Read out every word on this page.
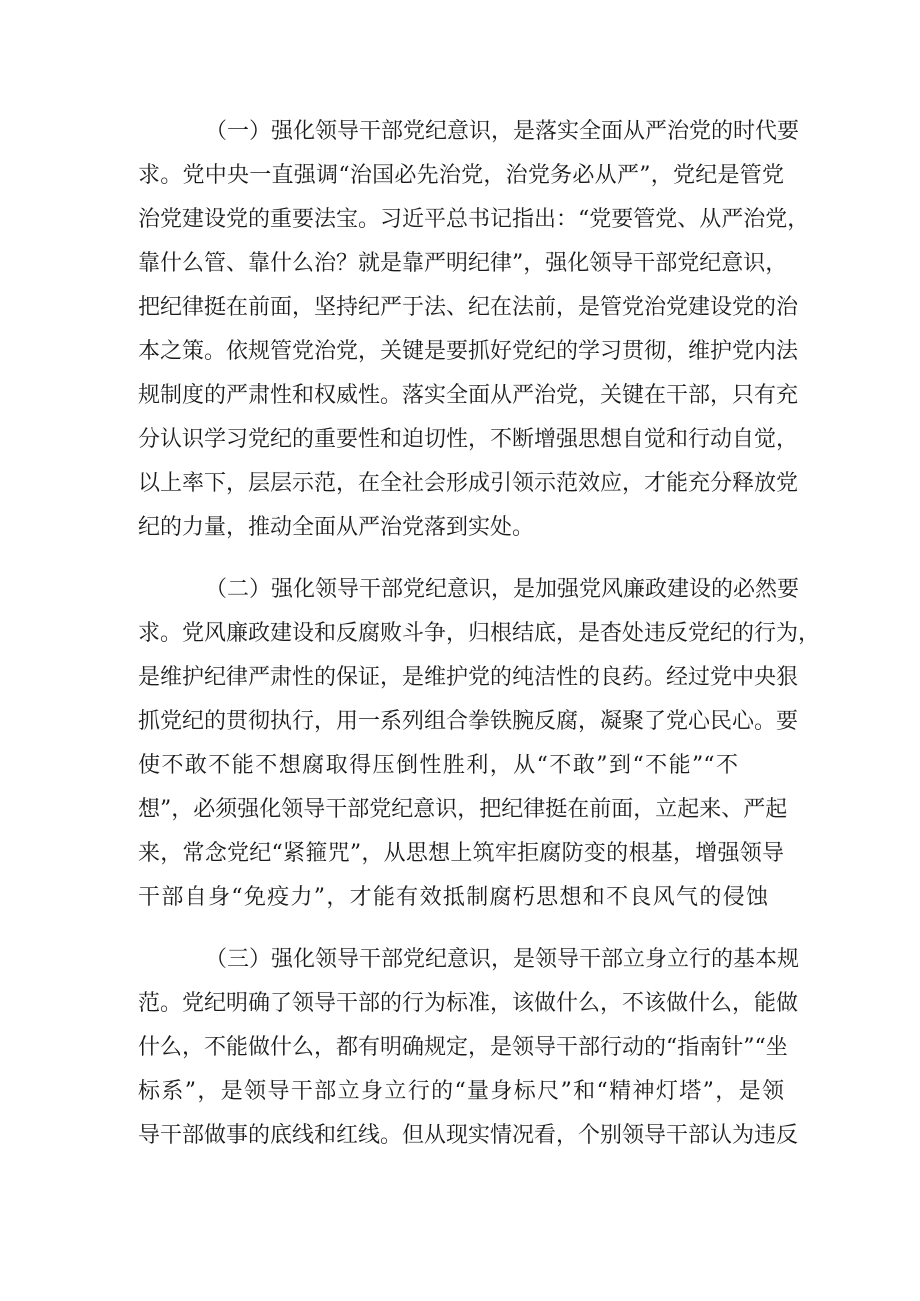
（一）强化领导干部党纪意识，是落实全面从严治党的时代要
求。党中央一直强调“治国必先治党，治党务必从严”，党纪是管党
治党建设党的重要法宝。习近平总书记指出：“党要管党、从严治党，
靠什么管、靠什么治？就是靠严明纪律”，强化领导干部党纪意识，
把纪律挺在前面，坚持纪严于法、纪在法前，是管党治党建设党的治
本之策。依规管党治党，关键是要抓好党纪的学习贯彻，维护党内法
规制度的严肃性和权威性。落实全面从严治党，关键在干部，只有充
分认识学习党纪的重要性和迫切性，不断增强思想自觉和行动自觉，
以上率下，层层示范，在全社会形成引领示范效应，才能充分释放党
纪的力量，推动全面从严治党落到实处。
（二）强化领导干部党纪意识，是加强党风廉政建设的必然要
求。党风廉政建设和反腐败斗争，归根结底，是杳处违反党纪的行为，
是维护纪律严肃性的保证，是维护党的纯洁性的良药。经过党中央狠
抓党纪的贯彻执行，用一系列组合拳铁腕反腐，凝聚了党心民心。要
使不敢不能不想腐取得压倒性胜利，从“不敢”到“不能”“不
想”，必须强化领导干部党纪意识，把纪律挺在前面，立起来、严起
来，常念党纪“紧箍咒”，从思想上筑牢拒腐防变的根基，增强领导
干部自身“免疫力”，才能有效抵制腐朽思想和不良风气的侵蚀
（三）强化领导干部党纪意识，是领导干部立身立行的基本规
范。党纪明确了领导干部的行为标准，该做什么，不该做什么，能做
什么，不能做什么，都有明确规定，是领导干部行动的“指南针”“坐
标系”，是领导干部立身立行的“量身标尺”和“精神灯塔”，是领
导干部做事的底线和红线。但从现实情况看，个别领导干部认为违反
